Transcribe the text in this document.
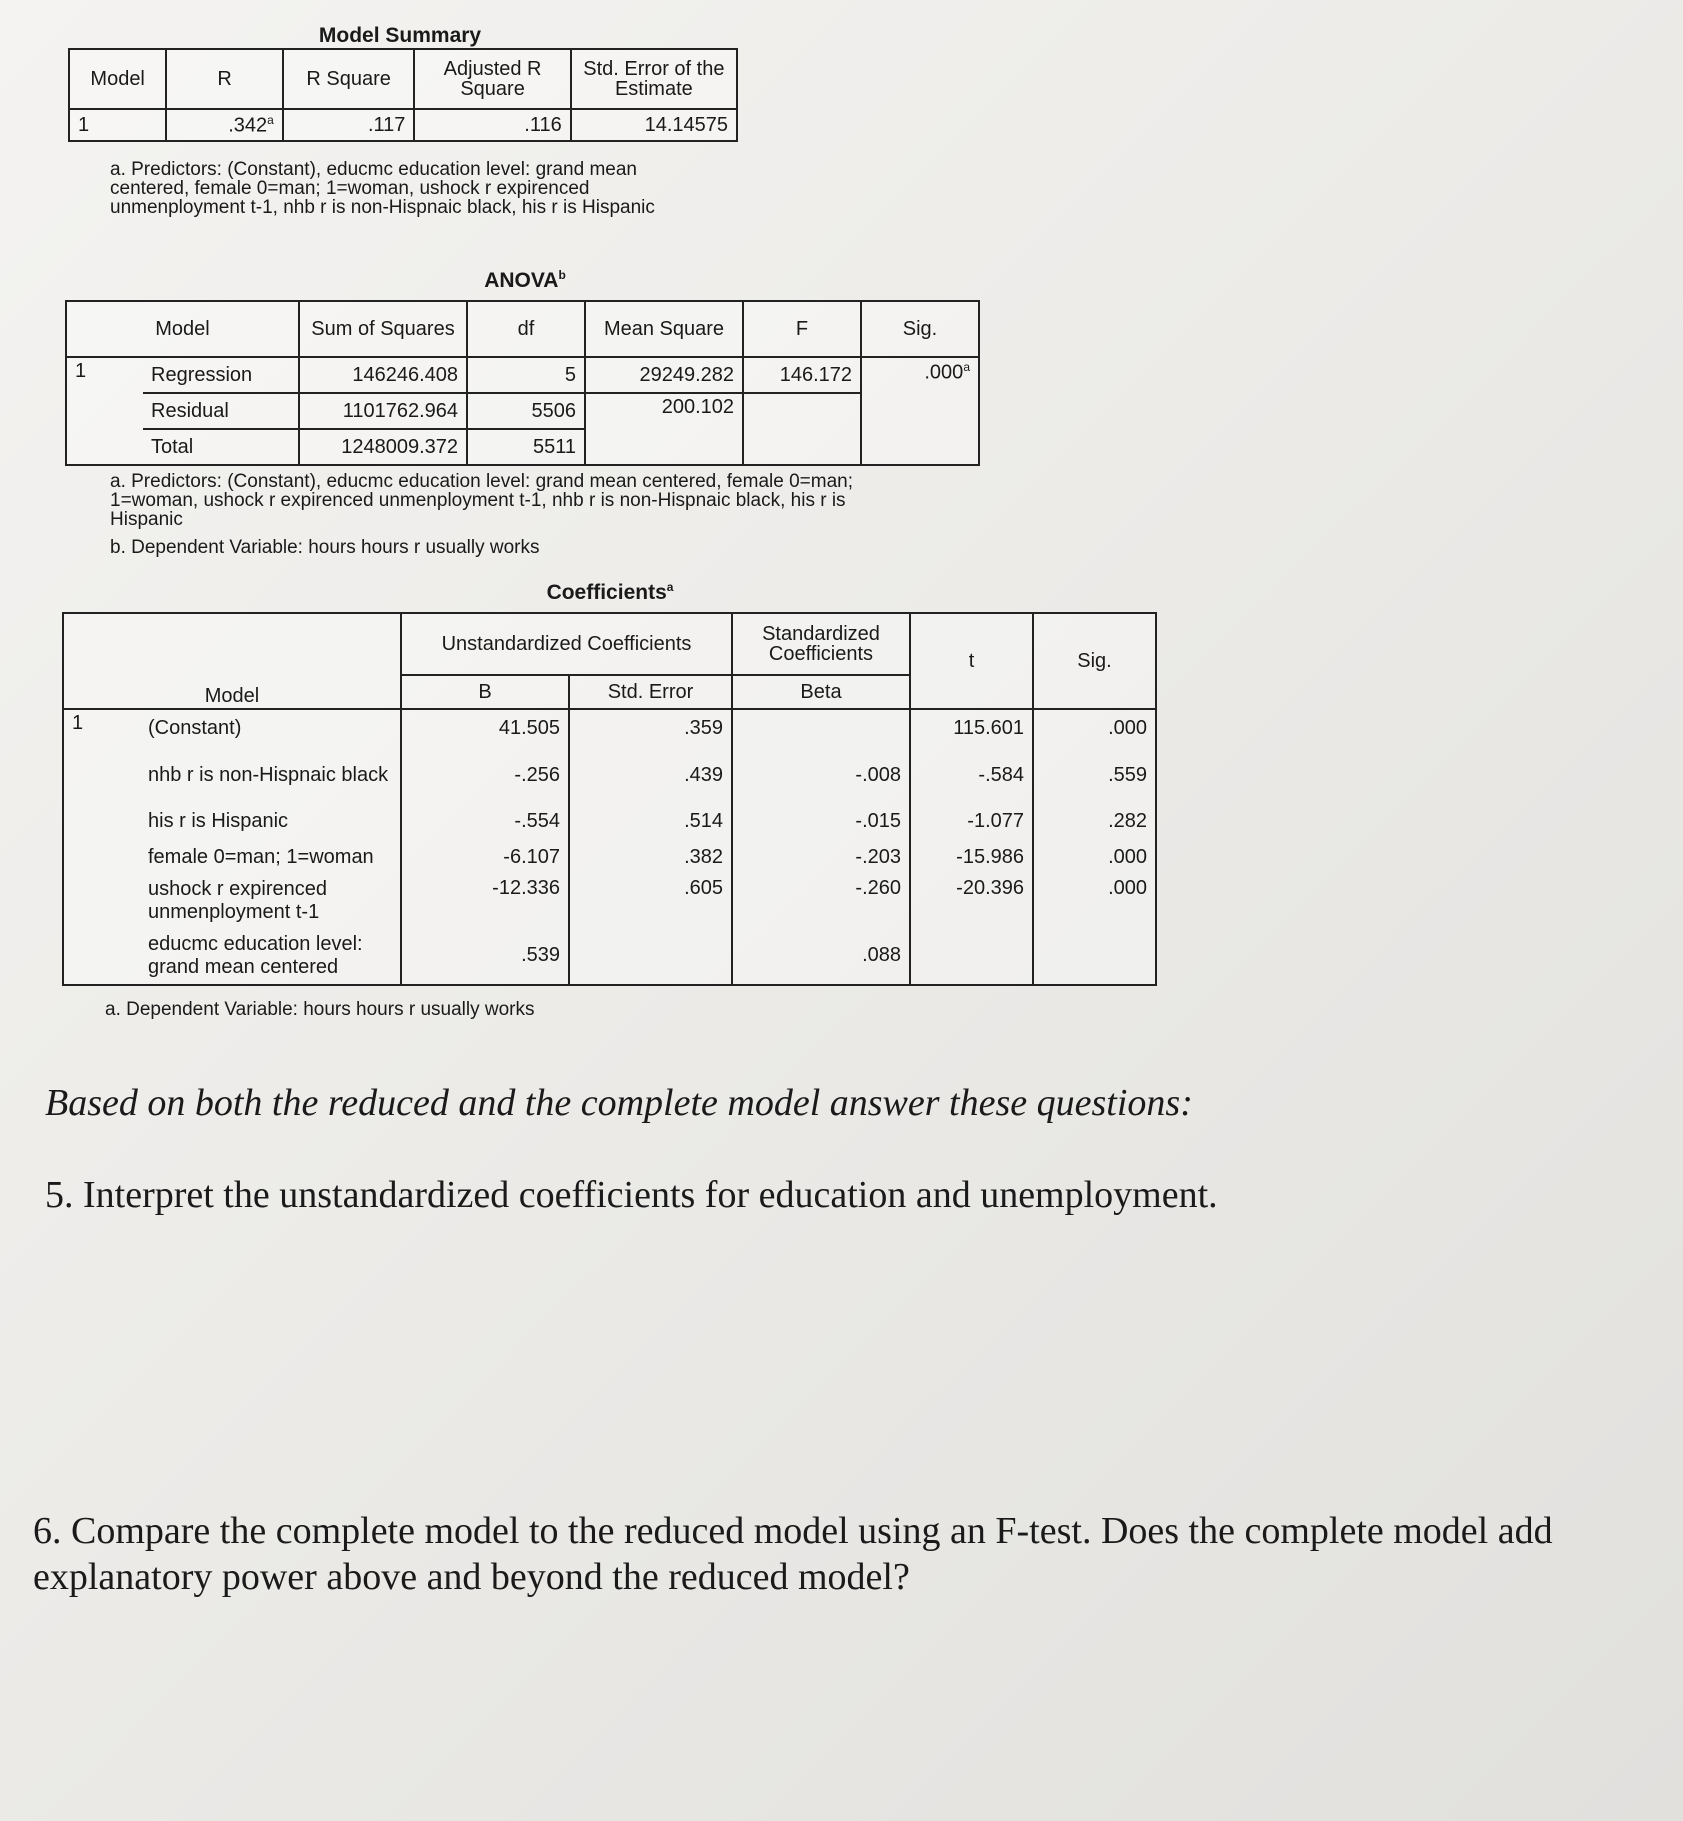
Model Summary
Model	R	R Square	Adjusted R Square	Std. Error of the Estimate
1	.342$^a$	.117	.116	14.14575
a. Predictors: (Constant), educmc education level: grand mean centered, female 0=man; 1=woman, ushock r expirenced unmenployment t-1, nhb r is non-Hispnaic black, his r is Hispanic
ANOVA$^b$
Model		Sum of Squares	df	Mean Square	F	Sig.
1	Regression	146246.408	5	29249.282	146.172	.000$^a$
	Residual	1101762.964	5506	200.102		
	Total	1248009.372	5511			
a. Predictors: (Constant), educmc education level: grand mean centered, female 0=man; 1=woman, ushock r expirenced unmenployment t-1, nhb r is non-Hispnaic black, his r is Hispanic
b. Dependent Variable: hours hours r usually works
Coefficients$^a$
Model		Unstandardized Coefficients		Standardized Coefficients	t	Sig.
		B	Std. Error	Beta		
1	(Constant)	41.505	.359		115.601	.000
	nhb r is non-Hispnaic black	-.256	.439	-.008	-.584	.559
	his r is Hispanic	-.554	.514	-.015	-1.077	.282
	female 0=man; 1=woman	-6.107	.382	-.203	-15.986	.000
	ushock r expirenced unmenployment t-1	-12.336	.605	-.260	-20.396	.000
	educmc education level: grand mean centered	.539		.088		
a. Dependent Variable: hours hours r usually works
Based on both the reduced and the complete model answer these questions:
5. Interpret the unstandardized coefficients for education and unemployment.
6. Compare the complete model to the reduced model using an F-test. Does the complete model add explanatory power above and beyond the reduced model?
